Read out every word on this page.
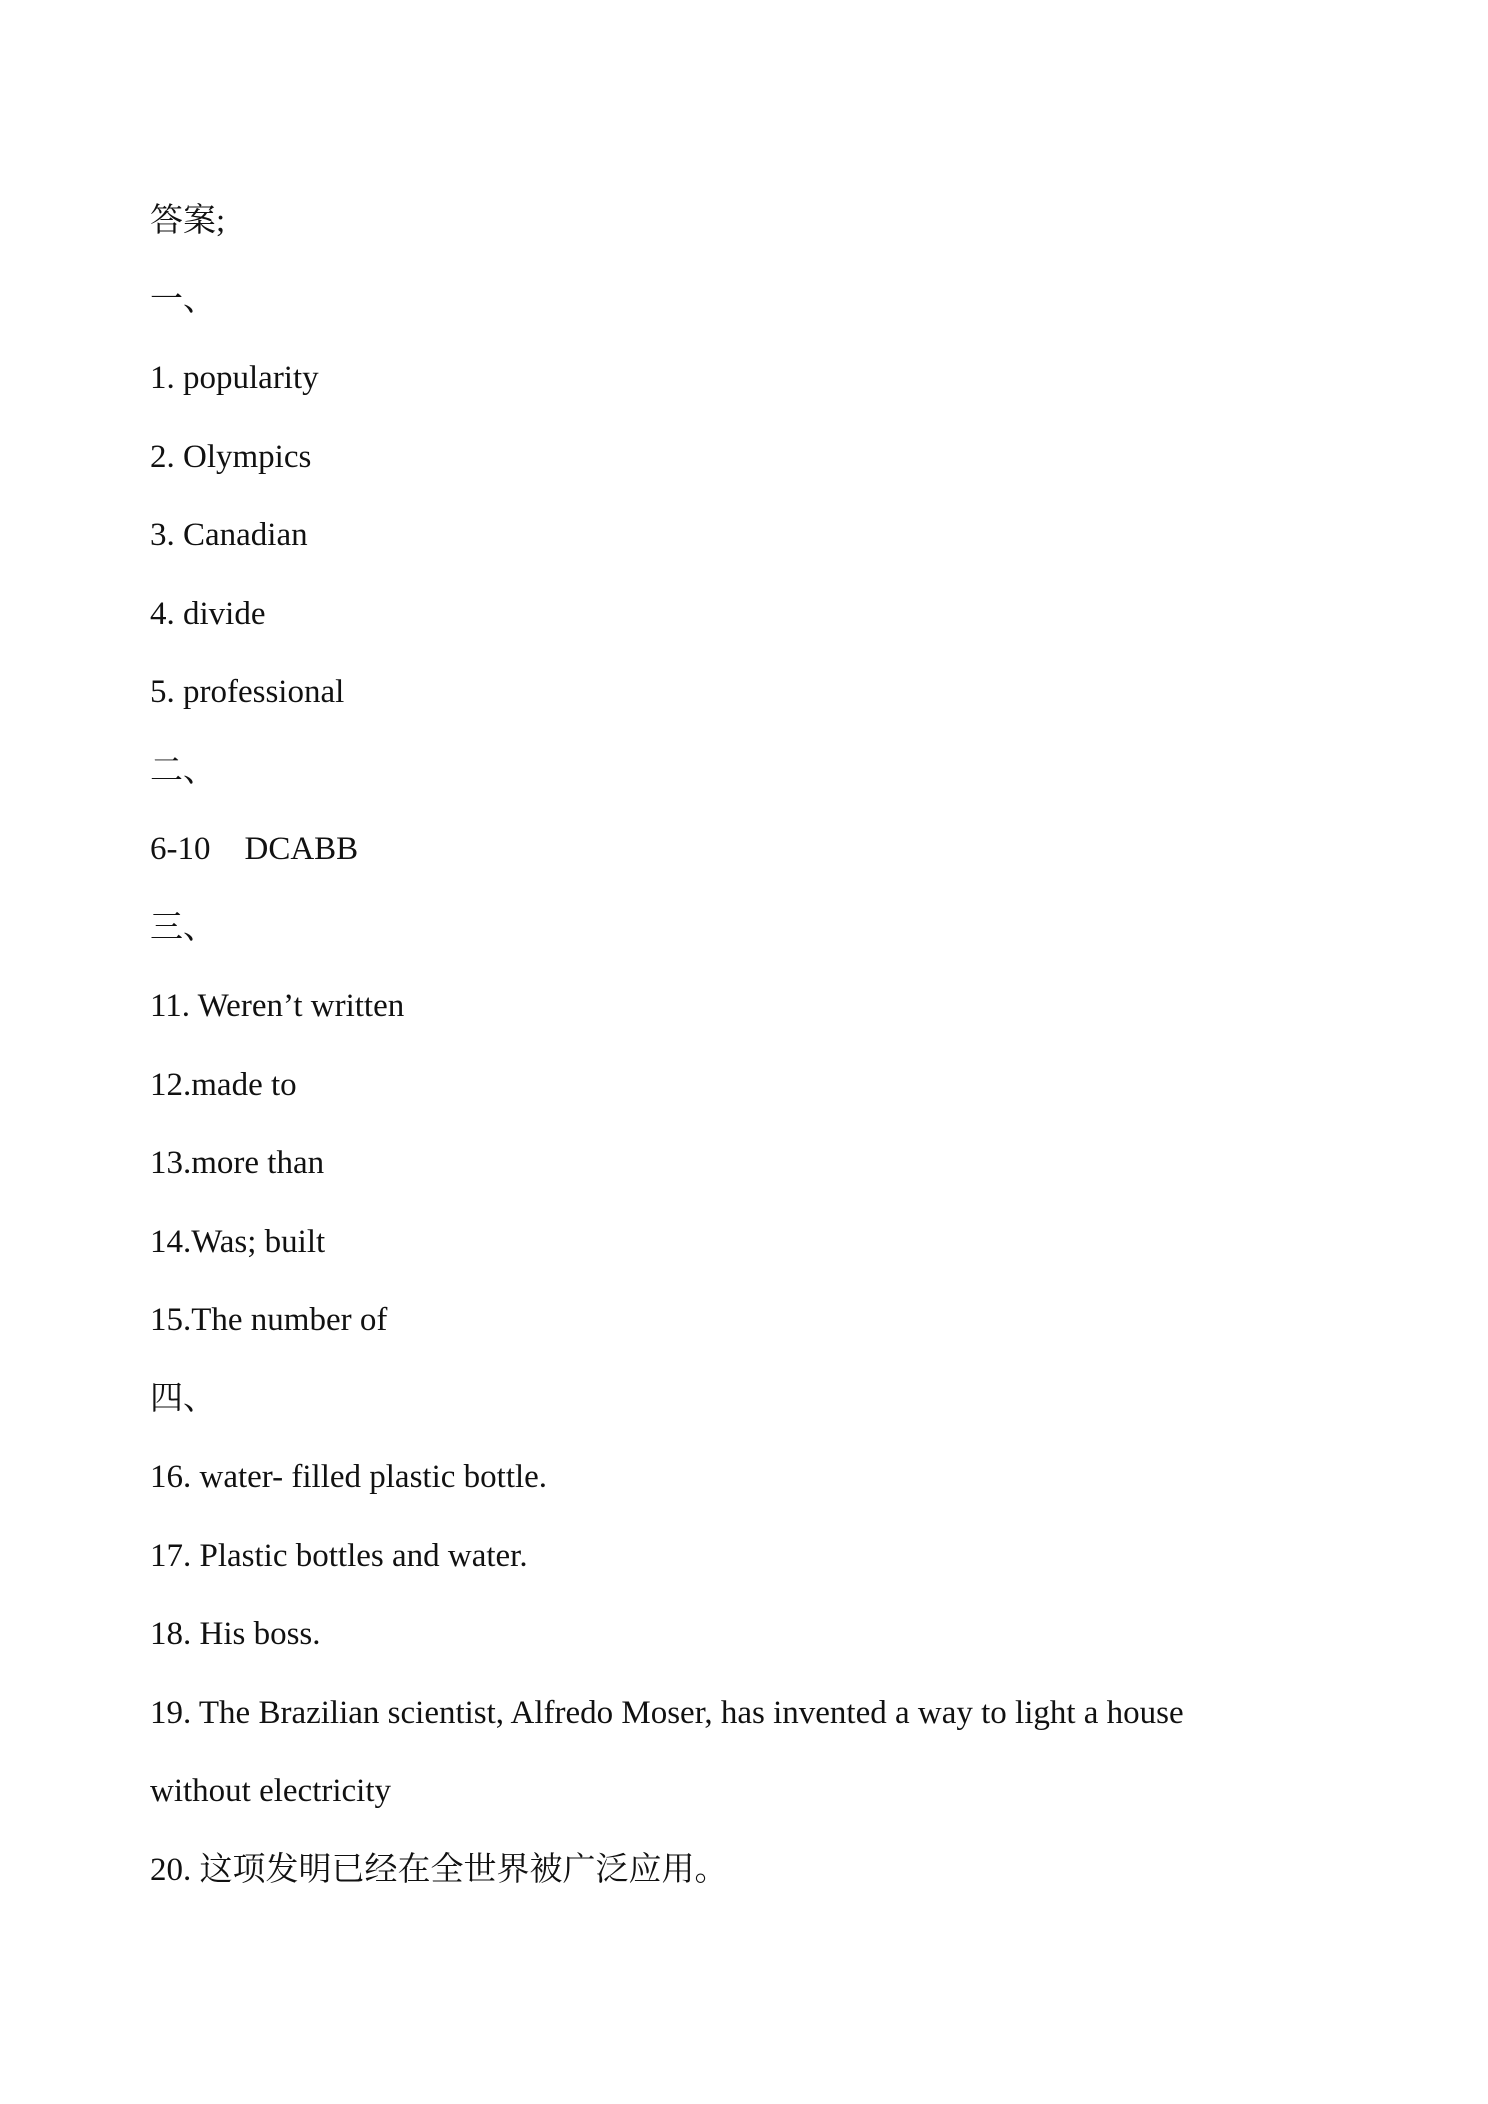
答案;
一、
1. popularity
2. Olympics
3. Canadian
4. divide
5. professional
二、
6-10 DCABB
三、
11. Weren’t written
12.made to
13.more than
14.Was; built
15.The number of
四、
16. water- filled plastic bottle.
17. Plastic bottles and water.
18. His boss.
19. The Brazilian scientist, Alfredo Moser, has invented a way to light a house
without electricity
20. 这项发明已经在全世界被广泛应用。
